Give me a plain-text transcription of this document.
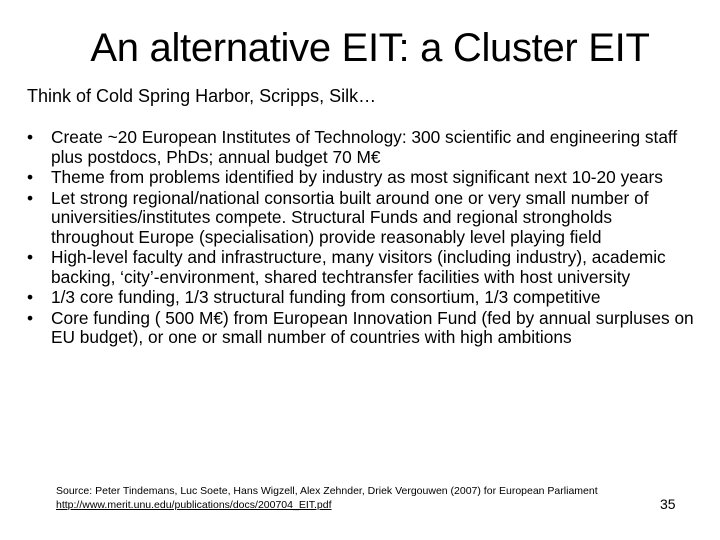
An alternative EIT: a Cluster EIT
Think of Cold Spring Harbor, Scripps, Silk…
• Create ~20 European Institutes of Technology: 300 scientific and engineering staff plus postdocs, PhDs; annual budget 70 M€
• Theme from problems identified by industry as most significant next 10-20 years
• Let strong regional/national consortia built around one or very small number of universities/institutes compete. Structural Funds and regional strongholds throughout Europe (specialisation) provide reasonably level playing field
• High-level faculty and infrastructure, many visitors (including industry), academic backing, ‘city’-environment, shared techtransfer facilities with host university
• 1/3 core funding, 1/3 structural funding from consortium, 1/3 competitive
• Core funding ( 500 M€) from European Innovation Fund (fed by annual surpluses on EU budget), or one or small number of countries with high ambitions
Source: Peter Tindemans, Luc Soete, Hans Wigzell, Alex Zehnder, Driek Vergouwen (2007) for European Parliament http://www.merit.unu.edu/publications/docs/200704_EIT.pdf	35
